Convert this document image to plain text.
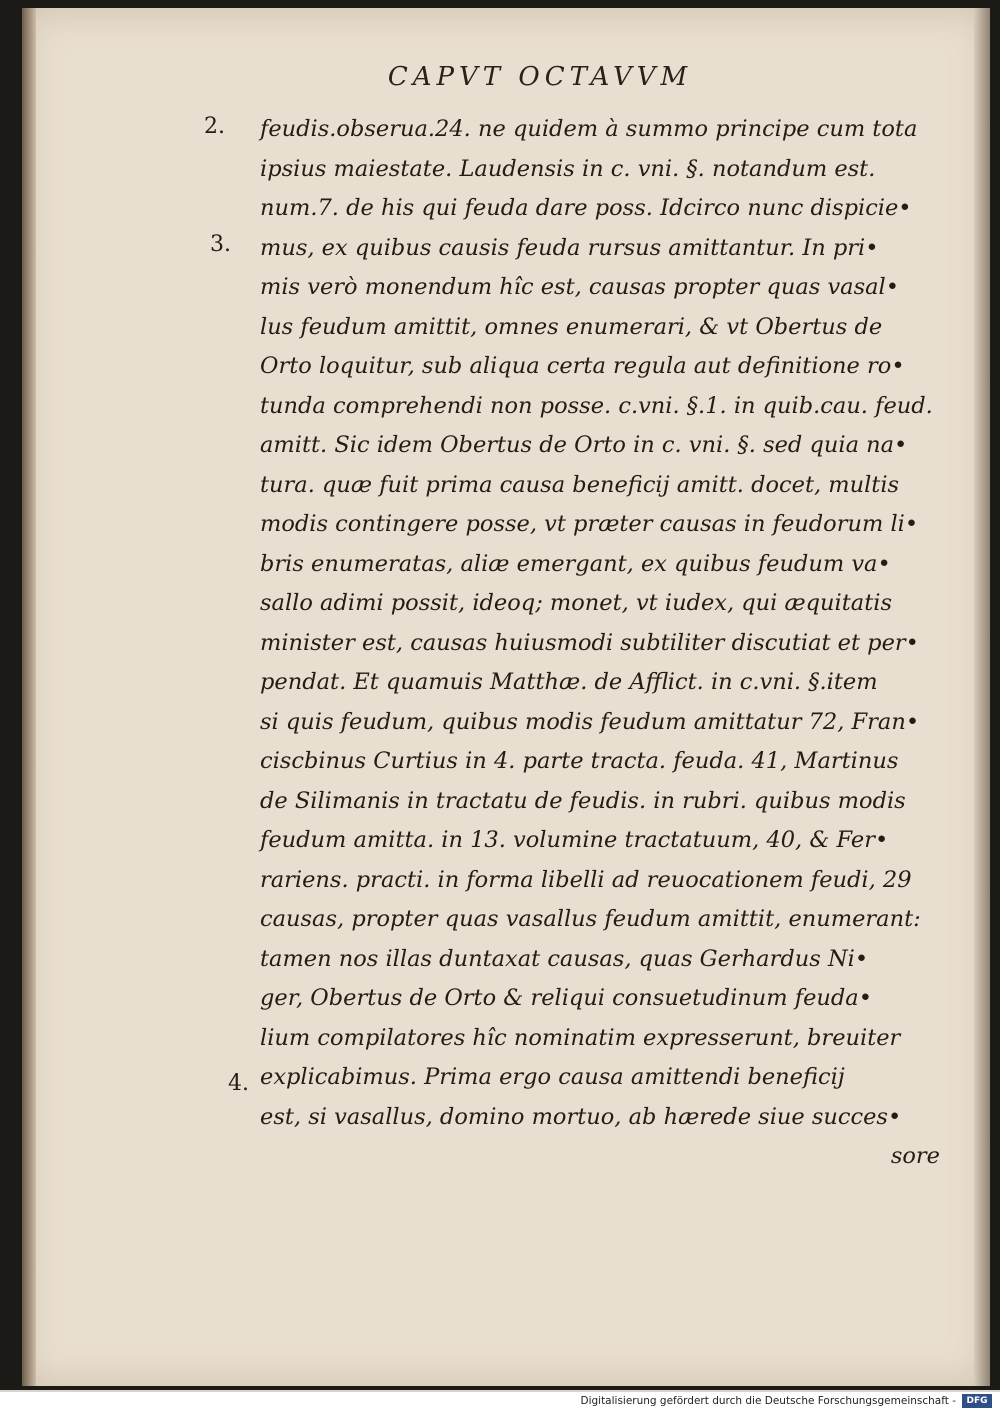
CAPVT OCTAVVM
2.
3.
4.
feudis.obserua.24. ne quidem à summo principe cum tota
ipsius maiestate. Laudensis in c. vni. §. notandum est.
num.7. de his qui feuda dare poss. Idcirco nunc dispicie•
mus, ex quibus causis feuda rursus amittantur. In pri•
mis verò monendum hîc est, causas propter quas vasal•
lus feudum amittit, omnes enumerari, & vt Obertus de
Orto loquitur, sub aliqua certa regula aut definitione ro•
tunda comprehendi non posse. c.vni. §.1. in quib.cau. feud.
amitt. Sic idem Obertus de Orto in c. vni. §. sed quia na•
tura. quæ fuit prima causa beneficij amitt. docet, multis
modis contingere posse, vt præter causas in feudorum li•
bris enumeratas, aliæ emergant, ex quibus feudum va•
sallo adimi possit, ideoq; monet, vt iudex, qui æquitatis
minister est, causas huiusmodi subtiliter discutiat et per•
pendat. Et quamuis Matthæ. de Afflict. in c.vni. §.item
si quis feudum, quibus modis feudum amittatur 72, Fran•
ciscbinus Curtius in 4. parte tracta. feuda. 41, Martinus
de Silimanis in tractatu de feudis. in rubri. quibus modis
feudum amitta. in 13. volumine tractatuum, 40, & Fer•
rariens. practi. in forma libelli ad reuocationem feudi, 29
causas, propter quas vasallus feudum amittit, enumerant:
tamen nos illas duntaxat causas, quas Gerhardus Ni•
ger, Obertus de Orto & reliqui consuetudinum feuda•
lium compilatores hîc nominatim expresserunt, breuiter
explicabimus. Prima ergo causa amittendi beneficij
est, si vasallus, domino mortuo, ab hærede siue succes•
sore
Digitalisierung gefördert durch die Deutsche Forschungsgemeinschaft -	DFG
